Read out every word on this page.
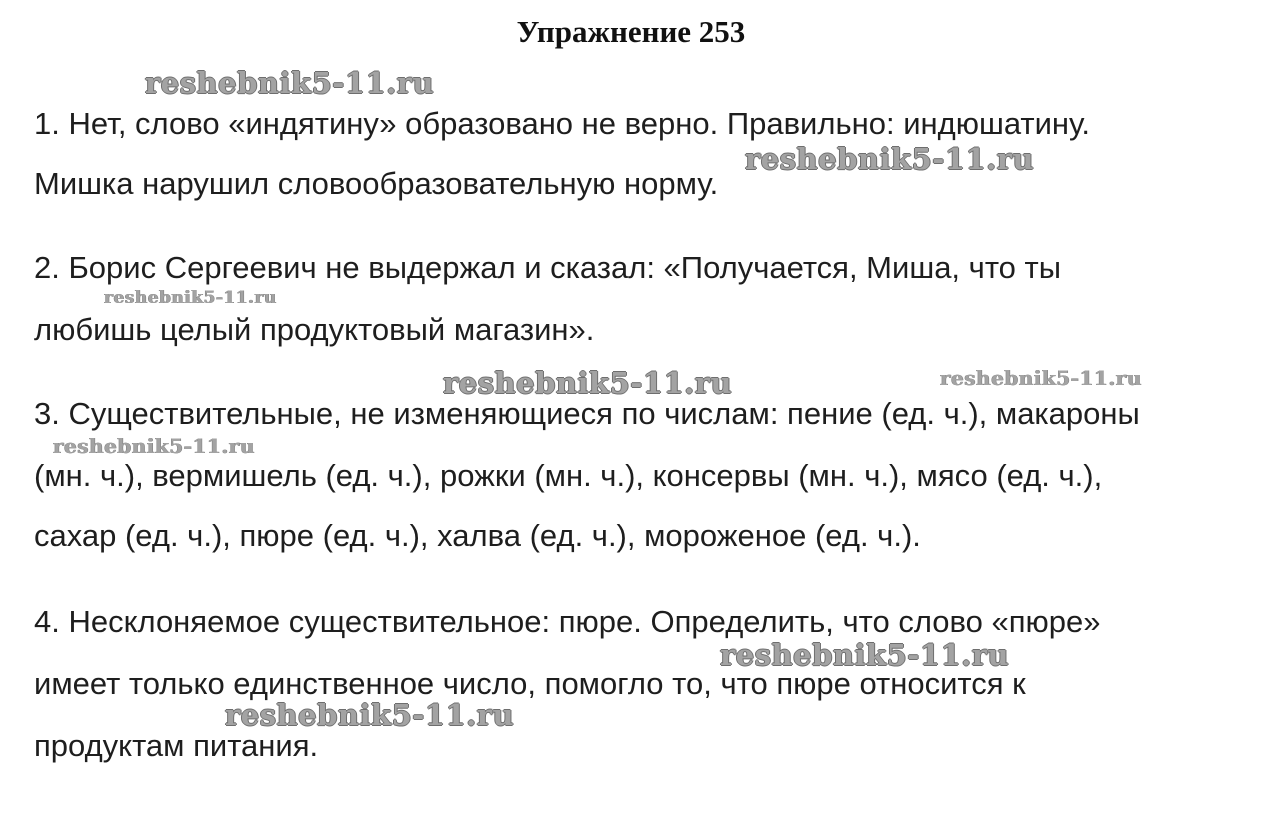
Упражнение 253
1. Нет, слово «индятину» образовано не верно. Правильно: индюшатину.
Мишка нарушил словообразовательную норму.
2. Борис Сергеевич не выдержал и сказал: «Получается, Миша, что ты
любишь целый продуктовый магазин».
3. Существительные, не изменяющиеся по числам: пение (ед. ч.), макароны
(мн. ч.), вермишель (ед. ч.), рожки (мн. ч.), консервы (мн. ч.), мясо (ед. ч.),
сахар (ед. ч.), пюре (ед. ч.), халва (ед. ч.), мороженое (ед. ч.).
4. Несклоняемое существительное: пюре. Определить, что слово «пюре»
имеет только единственное число, помогло то, что пюре относится к
продуктам питания.
reshebnik5-11.ru
reshebnik5-11.ru
reshebnik5-11.ru
reshebnik5-11.ru	reshebnik5-11.ru
reshebnik5-11.ru
reshebnik5-11.ru
reshebnik5-11.ru
